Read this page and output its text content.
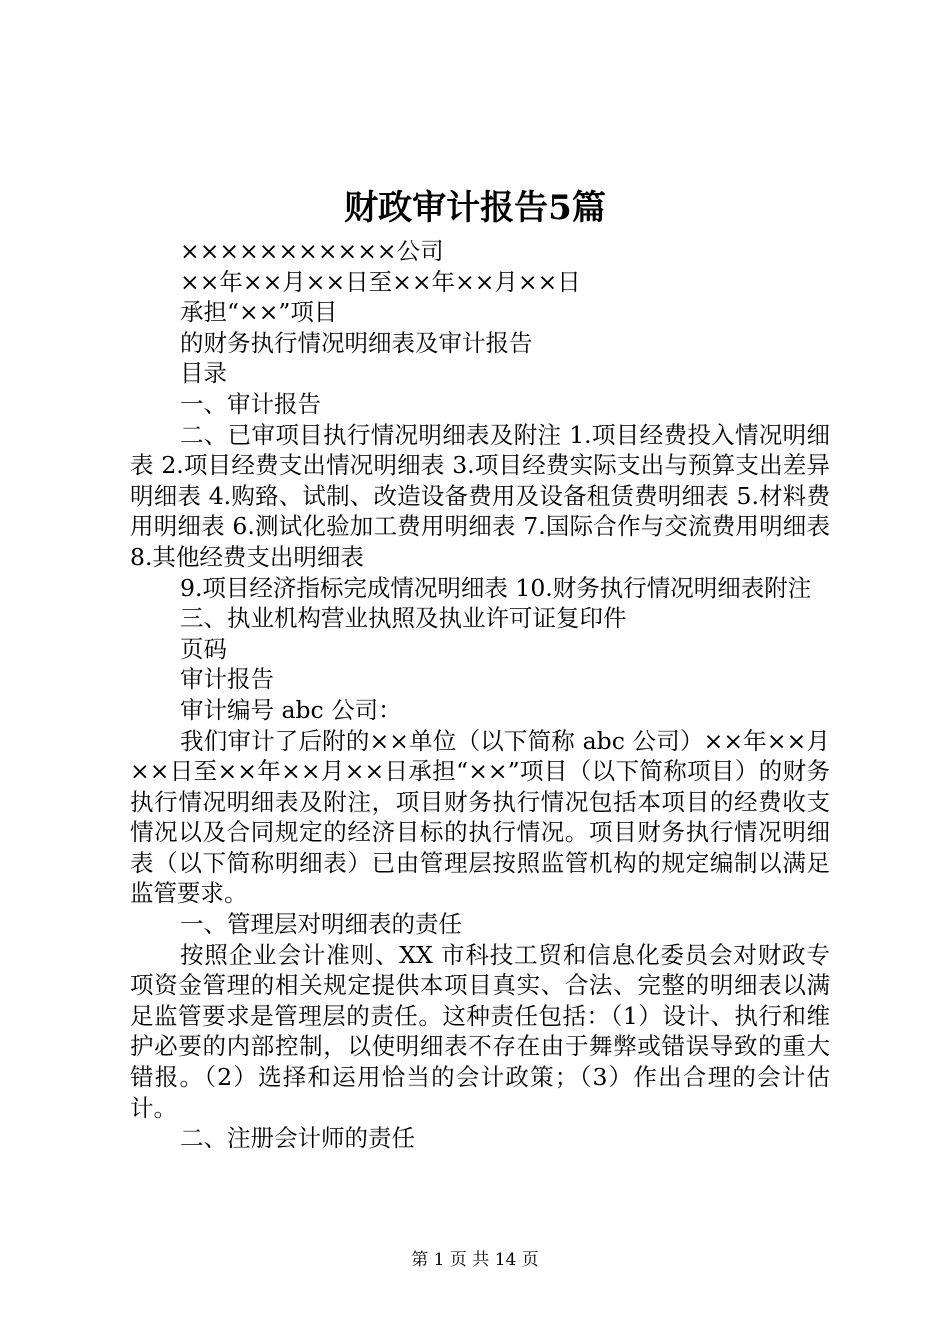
财政审计报告5篇

×××××××××××公司

××年××月××日至××年××月××日

承担“××”项目

的财务执行情况明细表及审计报告

目录

一、审计报告

二、已审项目执行情况明细表及附注 1.项目经费投入情况明细表 2.项目经费支出情况明细表 3.项目经费实际支出与预算支出差异明细表 4.购臵、试制、改造设备费用及设备租赁费明细表 5.材料费用明细表 6.测试化验加工费用明细表 7.国际合作与交流费用明细表 8.其他经费支出明细表

9.项目经济指标完成情况明细表 10.财务执行情况明细表附注

三、执业机构营业执照及执业许可证复印件

页码

审计报告

审计编号 abc 公司：

我们审计了后附的××单位（以下简称 abc 公司）××年××月××日至××年××月××日承担“××”项目（以下简称项目）的财务执行情况明细表及附注，项目财务执行情况包括本项目的经费收支情况以及合同规定的经济目标的执行情况。项目财务执行情况明细表（以下简称明细表）已由管理层按照监管机构的规定编制以满足监管要求。

一、管理层对明细表的责任

按照企业会计准则、XX 市科技工贸和信息化委员会对财政专项资金管理的相关规定提供本项目真实、合法、完整的明细表以满足监管要求是管理层的责任。这种责任包括：（1）设计、执行和维护必要的内部控制，以使明细表不存在由于舞弊或错误导致的重大错报。（2）选择和运用恰当的会计政策；（3）作出合理的会计估计。

二、注册会计师的责任

第 1 页 共 14 页
